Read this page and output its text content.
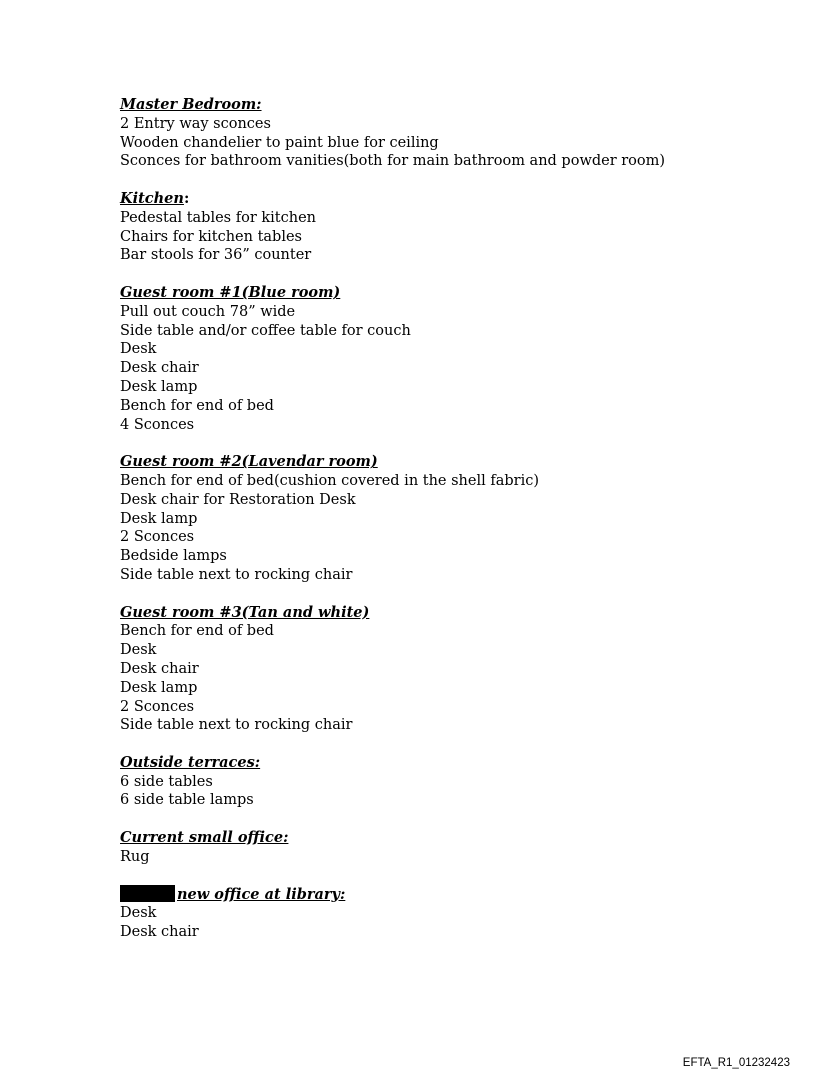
Master Bedroom:
2 Entry way sconces
Wooden chandelier to paint blue for ceiling
Sconces for bathroom vanities(both for main bathroom and powder room)
Kitchen:
Pedestal tables for kitchen
Chairs for kitchen tables
Bar stools for 36” counter
Guest room #1(Blue room)
Pull out couch 78” wide
Side table and/or coffee table for couch
Desk
Desk chair
Desk lamp
Bench for end of bed
4 Sconces
Guest room #2(Lavendar room)
Bench for end of bed(cushion covered in the shell fabric)
Desk chair for Restoration Desk
Desk lamp
2 Sconces
Bedside lamps
Side table next to rocking chair
Guest room #3(Tan and white)
Bench for end of bed
Desk
Desk chair
Desk lamp
2 Sconces
Side table next to rocking chair
Outside terraces:
6 side tables
6 side table lamps
Current small office:
Rug
new office at library:
Desk
Desk chair
EFTA_R1_01232423
